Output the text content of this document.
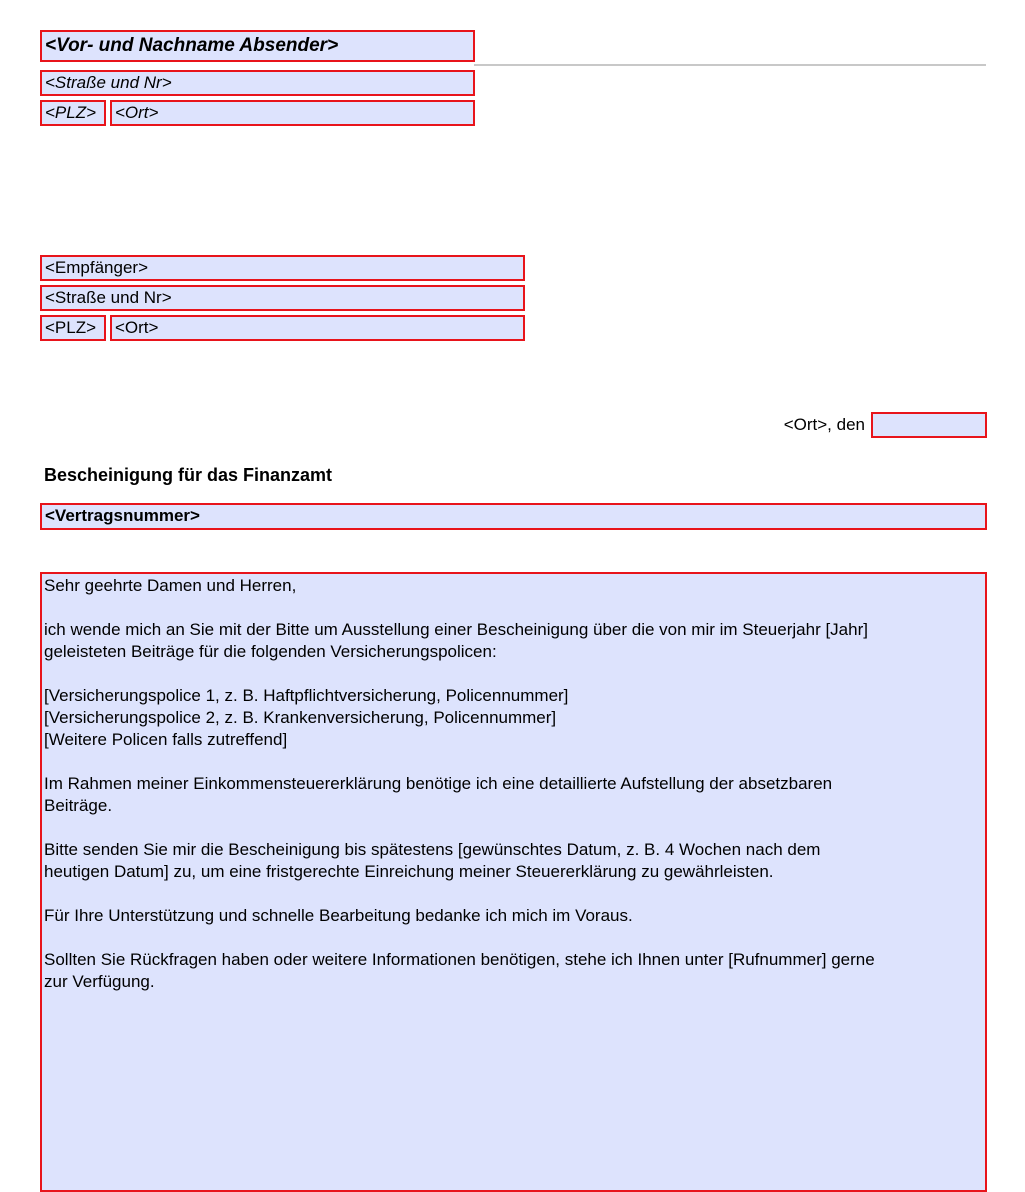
<Vor- und Nachname Absender>
<Straße und Nr>
<PLZ>	<Ort>
<Empfänger>
<Straße und Nr>
<PLZ>	<Ort>
<Ort>, den
Bescheinigung für das Finanzamt
<Vertragsnummer>

Sehr geehrte Damen und Herren,

ich wende mich an Sie mit der Bitte um Ausstellung einer Bescheinigung über die von mir im Steuerjahr [Jahr]
geleisteten Beiträge für die folgenden Versicherungspolicen:

[Versicherungspolice 1, z. B. Haftpflichtversicherung, Policennummer]
[Versicherungspolice 2, z. B. Krankenversicherung, Policennummer]
[Weitere Policen falls zutreffend]

Im Rahmen meiner Einkommensteuererklärung benötige ich eine detaillierte Aufstellung der absetzbaren
Beiträge.

Bitte senden Sie mir die Bescheinigung bis spätestens [gewünschtes Datum, z. B. 4 Wochen nach dem
heutigen Datum] zu, um eine fristgerechte Einreichung meiner Steuererklärung zu gewährleisten.

Für Ihre Unterstützung und schnelle Bearbeitung bedanke ich mich im Voraus.

Sollten Sie Rückfragen haben oder weitere Informationen benötigen, stehe ich Ihnen unter [Rufnummer] gerne
zur Verfügung.
